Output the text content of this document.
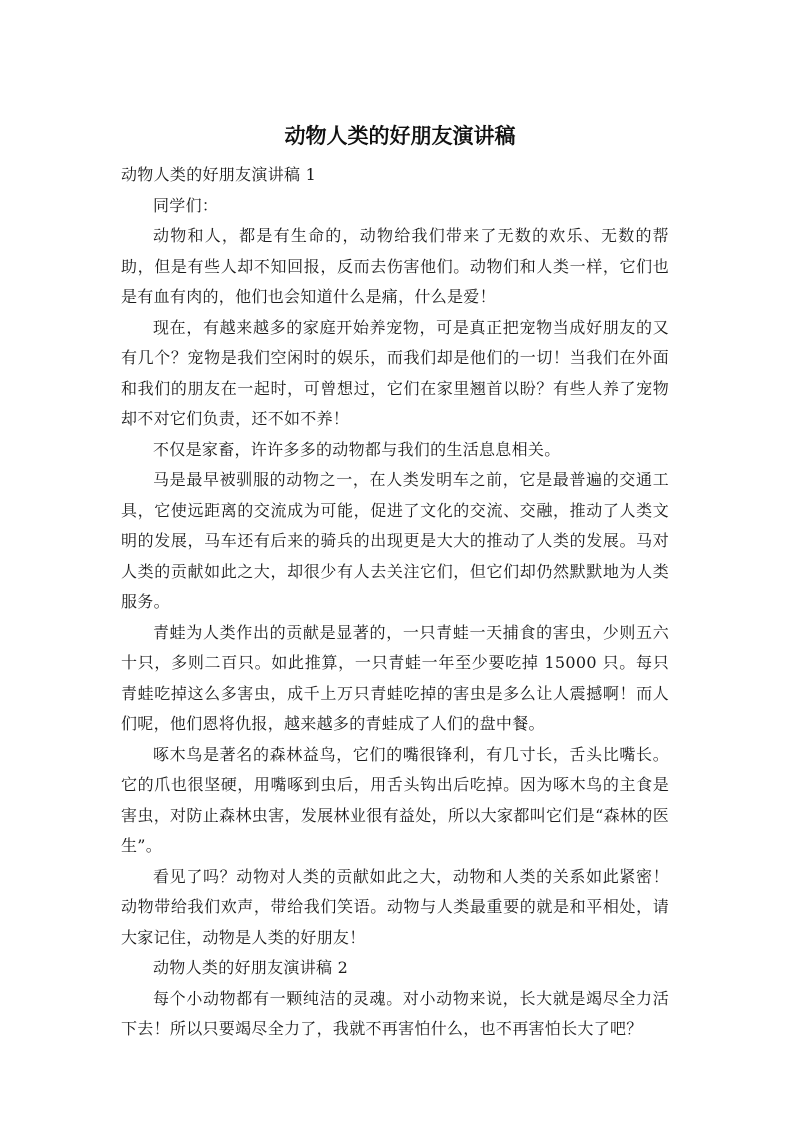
动物人类的好朋友演讲稿

动物人类的好朋友演讲稿 1

同学们：

动物和人，都是有生命的，动物给我们带来了无数的欢乐、无数的帮助，但是有些人却不知回报，反而去伤害他们。动物们和人类一样，它们也是有血有肉的，他们也会知道什么是痛，什么是爱！

现在，有越来越多的家庭开始养宠物，可是真正把宠物当成好朋友的又有几个？宠物是我们空闲时的娱乐，而我们却是他们的一切！当我们在外面和我们的朋友在一起时，可曾想过，它们在家里翘首以盼？有些人养了宠物却不对它们负责，还不如不养！

不仅是家畜，许许多多的动物都与我们的生活息息相关。

马是最早被驯服的动物之一，在人类发明车之前，它是最普遍的交通工具，它使远距离的交流成为可能，促进了文化的交流、交融，推动了人类文明的发展，马车还有后来的骑兵的出现更是大大的推动了人类的发展。马对人类的贡献如此之大，却很少有人去关注它们，但它们却仍然默默地为人类服务。

青蛙为人类作出的贡献是显著的，一只青蛙一天捕食的害虫，少则五六十只，多则二百只。如此推算，一只青蛙一年至少要吃掉 15000 只。每只青蛙吃掉这么多害虫，成千上万只青蛙吃掉的害虫是多么让人震撼啊！而人们呢，他们恩将仇报，越来越多的青蛙成了人们的盘中餐。

啄木鸟是著名的森林益鸟，它们的嘴很锋利，有几寸长，舌头比嘴长。它的爪也很坚硬，用嘴啄到虫后，用舌头钩出后吃掉。因为啄木鸟的主食是害虫，对防止森林虫害，发展林业很有益处，所以大家都叫它们是“森林的医生”。

看见了吗？动物对人类的贡献如此之大，动物和人类的关系如此紧密！动物带给我们欢声，带给我们笑语。动物与人类最重要的就是和平相处，请大家记住，动物是人类的好朋友！

动物人类的好朋友演讲稿 2

每个小动物都有一颗纯洁的灵魂。对小动物来说，长大就是竭尽全力活下去！所以只要竭尽全力了，我就不再害怕什么，也不再害怕长大了吧？
